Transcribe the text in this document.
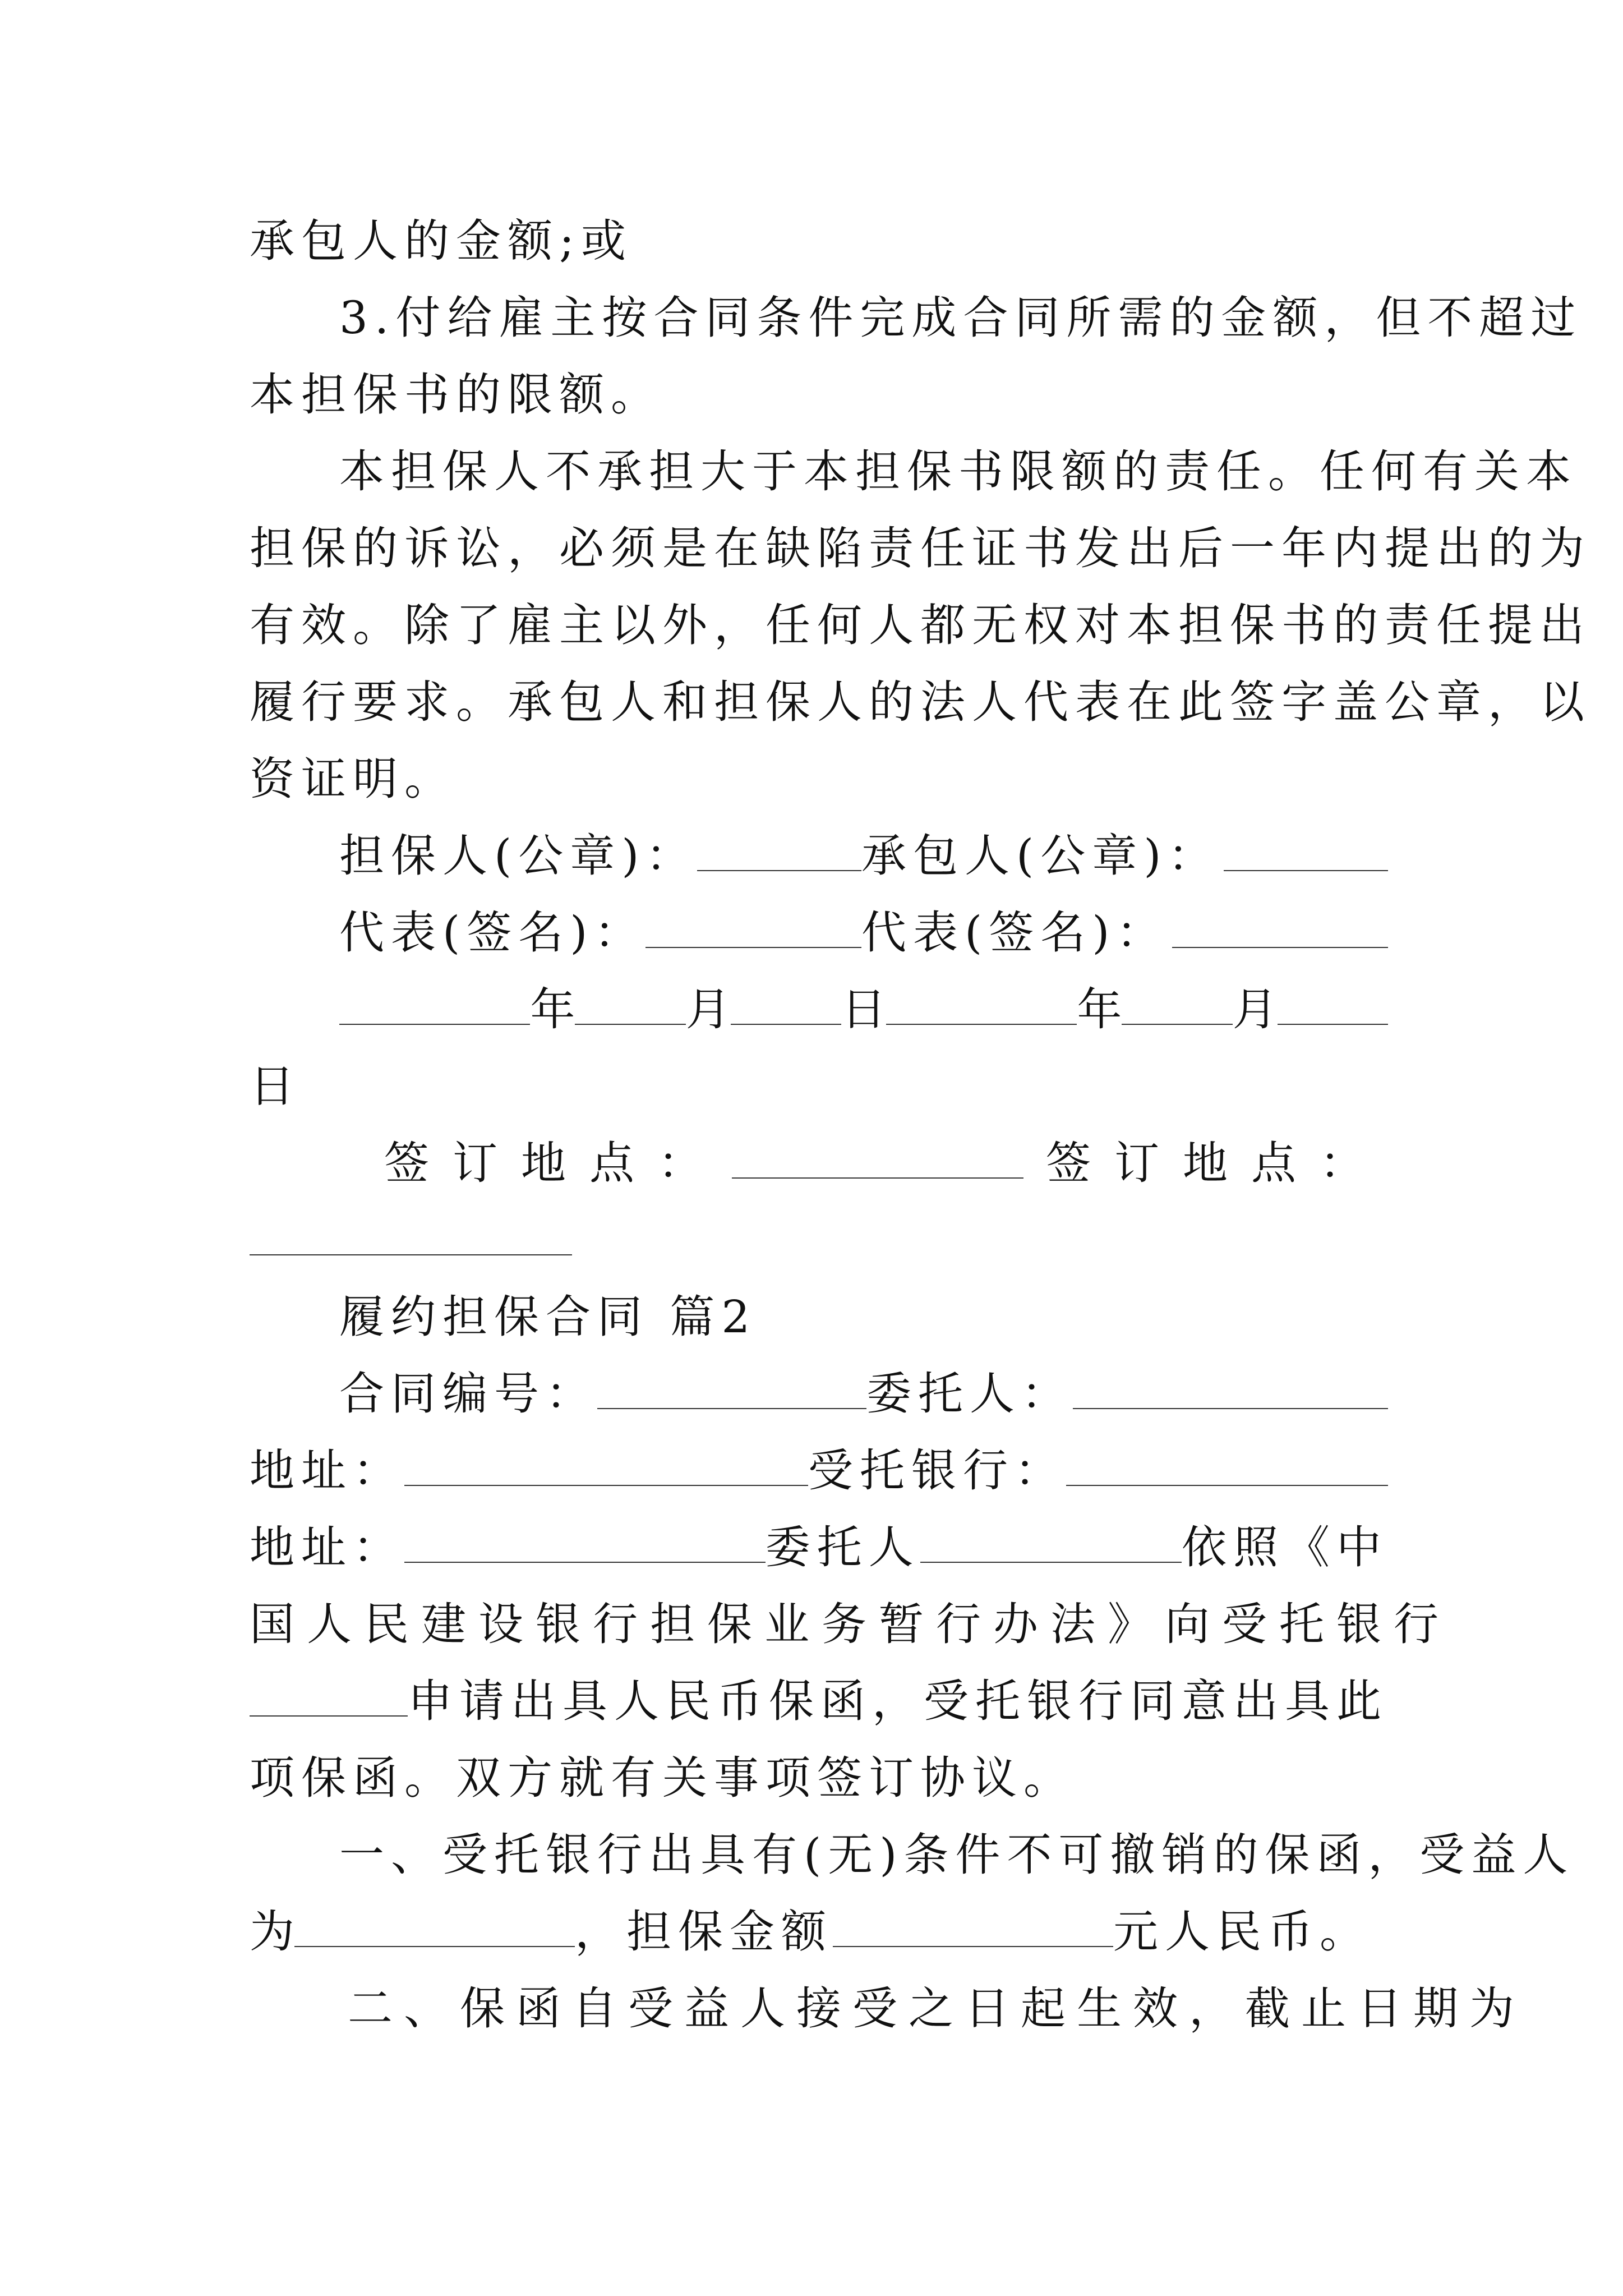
承包人的金额;或
3.付给雇主按合同条件完成合同所需的金额，但不超过
本担保书的限额。
本担保人不承担大于本担保书限额的责任。任何有关本
担保的诉讼，必须是在缺陷责任证书发出后一年内提出的为
有效。除了雇主以外，任何人都无权对本担保书的责任提出
履行要求。承包人和担保人的法人代表在此签字盖公章，以
资证明。
担保人(公章)：	承包人(公章)：
代表(签名)：	代表(签名)：
年 月 日	年 月
日
签订地点：	签订地点：
履约担保合同 篇2
合同编号：	委托人：
地址：	受托银行：
地址：	委托人	依照《中
国人民建设银行担保业务暂行办法》向受托银行
申请出具人民币保函，受托银行同意出具此
项保函。双方就有关事项签订协议。
一、受托银行出具有(无)条件不可撤销的保函，受益人
为	，担保金额	元人民币。
二、保函自受益人接受之日起生效，截止日期为
